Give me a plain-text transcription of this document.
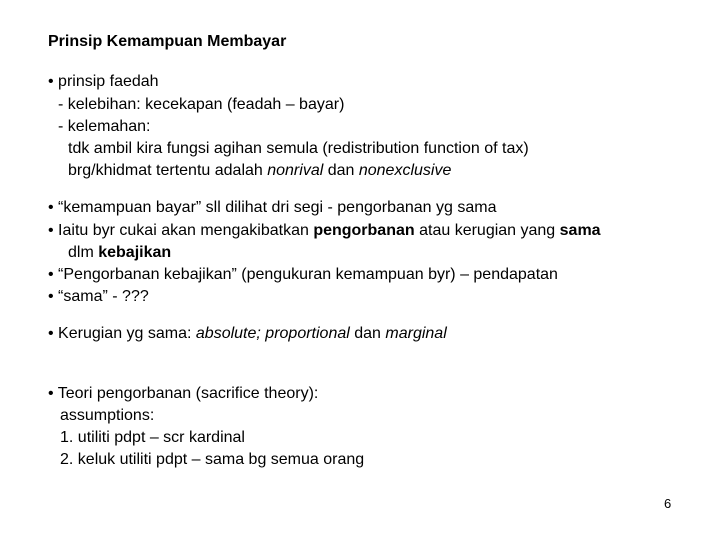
Prinsip Kemampuan Membayar
• prinsip faedah
- kelebihan: kecekapan (feadah – bayar)
- kelemahan:
tdk ambil kira fungsi agihan semula (redistribution function of tax)
brg/khidmat tertentu adalah nonrival dan nonexclusive
• “kemampuan bayar” sll dilihat dri segi - pengorbanan yg sama
• Iaitu byr cukai akan mengakibatkan pengorbanan atau kerugian yang sama
dlm kebajikan
• “Pengorbanan kebajikan” (pengukuran kemampuan byr) – pendapatan
• “sama” - ???
• Kerugian yg sama: absolute; proportional dan marginal
• Teori pengorbanan (sacrifice theory):
assumptions:
1. utiliti pdpt – scr kardinal
2. keluk utiliti pdpt – sama bg semua orang
6
